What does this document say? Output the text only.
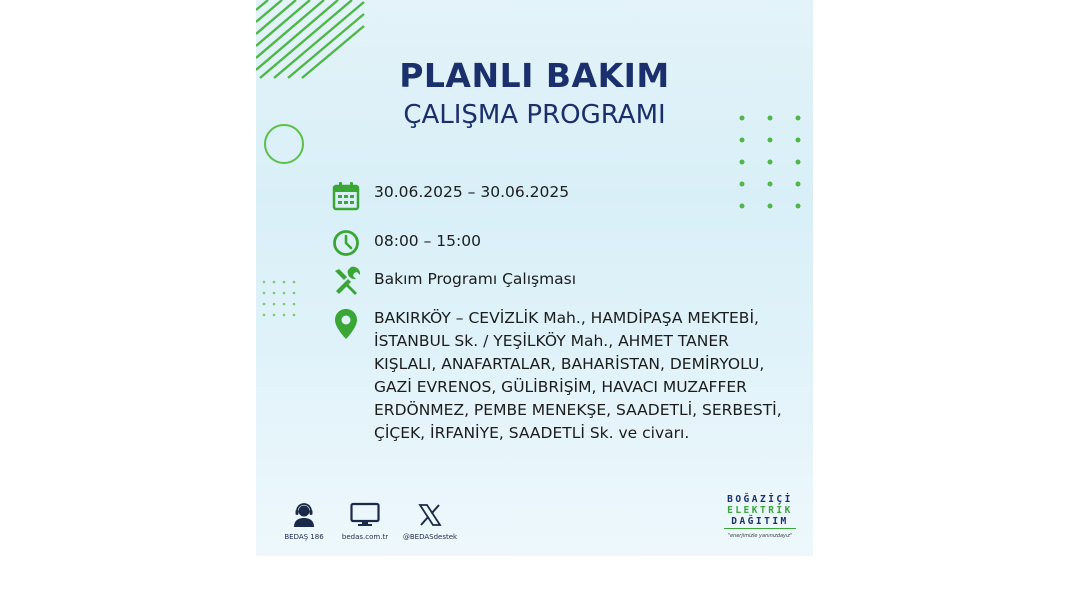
PLANLI BAKIM
ÇALIŞMA PROGRAMI
30.06.2025 – 30.06.2025
08:00 – 15:00
Bakım Programı Çalışması
BAKIRKÖY – CEVİZLİK Mah., HAMDİPAŞA MEKTEBİ,
İSTANBUL Sk. / YEŞİLKÖY Mah., AHMET TANER
KIŞLALI, ANAFARTALAR, BAHARİSTAN, DEMİRYOLU,
GAZİ EVRENOS, GÜLİBRİŞİM, HAVACI MUZAFFER
ERDÖNMEZ, PEMBE MENEKŞE, SAADETLİ, SERBESTİ,
ÇİÇEK, İRFANİYE, SAADETLİ Sk. ve civarı.
BEDAŞ 186	bedas.com.tr	@BEDASdestek
BOĞAZİÇİ
ELEKTRİK
DAĞITIM
"enerjimizle yanınızdayız"
